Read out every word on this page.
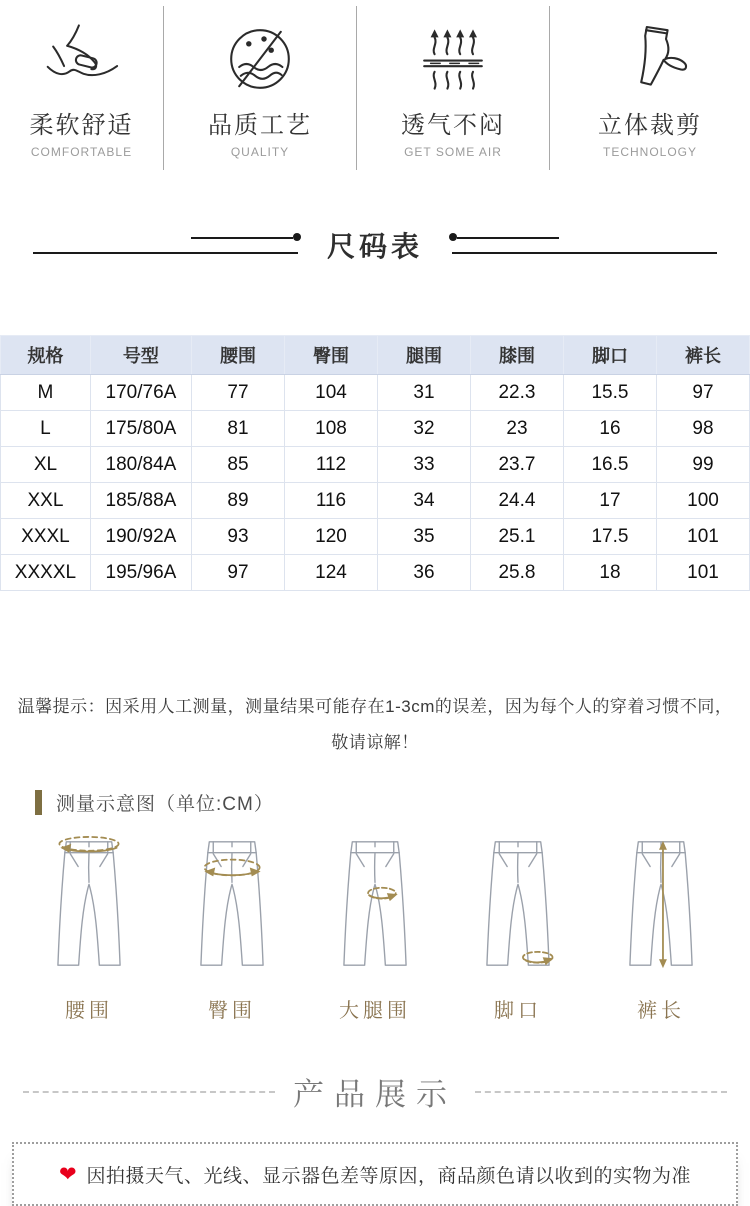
柔软舒适
COMFORTABLE
品质工艺
QUALITY
透气不闷
GET SOME AIR
立体裁剪
TECHNOLOGY
尺码表
规格	号型	腰围	臀围	腿围	膝围	脚口	裤长
M	170/76A	77	104	31	22.3	15.5	97
L	175/80A	81	108	32	23	16	98
XL	180/84A	85	112	33	23.7	16.5	99
XXL	185/88A	89	116	34	24.4	17	100
XXXL	190/92A	93	120	35	25.1	17.5	101
XXXXL	195/96A	97	124	36	25.8	18	101
温馨提示：因采用人工测量，测量结果可能存在1-3cm的误差，因为每个人的穿着习惯不同，
敬请谅解！
测量示意图（单位:CM）
腰围	臀围	大腿围	脚口	裤长
产品展示
❤ 因拍摄天气、光线、显示器色差等原因，商品颜色请以收到的实物为准
